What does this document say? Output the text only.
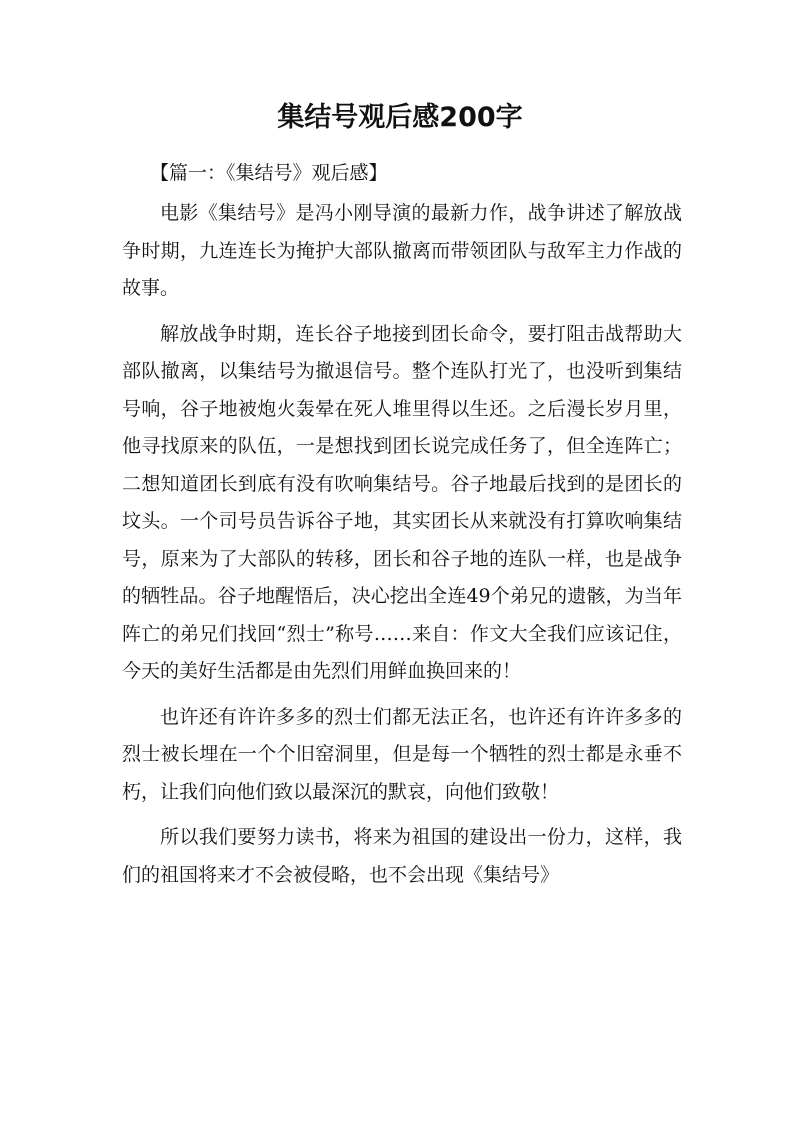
集结号观后感200字
【篇一：《集结号》观后感】

电影《集结号》是冯小刚导演的最新力作，战争讲述了解放战争时期，九连连长为掩护大部队撤离而带领团队与敌军主力作战的故事。

解放战争时期，连长谷子地接到团长命令，要打阻击战帮助大部队撤离，以集结号为撤退信号。整个连队打光了，也没听到集结号响，谷子地被炮火轰晕在死人堆里得以生还。之后漫长岁月里，他寻找原来的队伍，一是想找到团长说完成任务了，但全连阵亡；二想知道团长到底有没有吹响集结号。谷子地最后找到的是团长的坟头。一个司号员告诉谷子地，其实团长从来就没有打算吹响集结号，原来为了大部队的转移，团长和谷子地的连队一样，也是战争的牺牲品。谷子地醒悟后，决心挖出全连49个弟兄的遗骸，为当年阵亡的弟兄们找回“烈士”称号……来自：作文大全我们应该记住，今天的美好生活都是由先烈们用鲜血换回来的！

也许还有许许多多的烈士们都无法正名，也许还有许许多多的烈士被长埋在一个个旧窑洞里，但是每一个牺牲的烈士都是永垂不朽，让我们向他们致以最深沉的默哀，向他们致敬！

所以我们要努力读书，将来为祖国的建设出一份力，这样，我们的祖国将来才不会被侵略，也不会出现《集结号》
